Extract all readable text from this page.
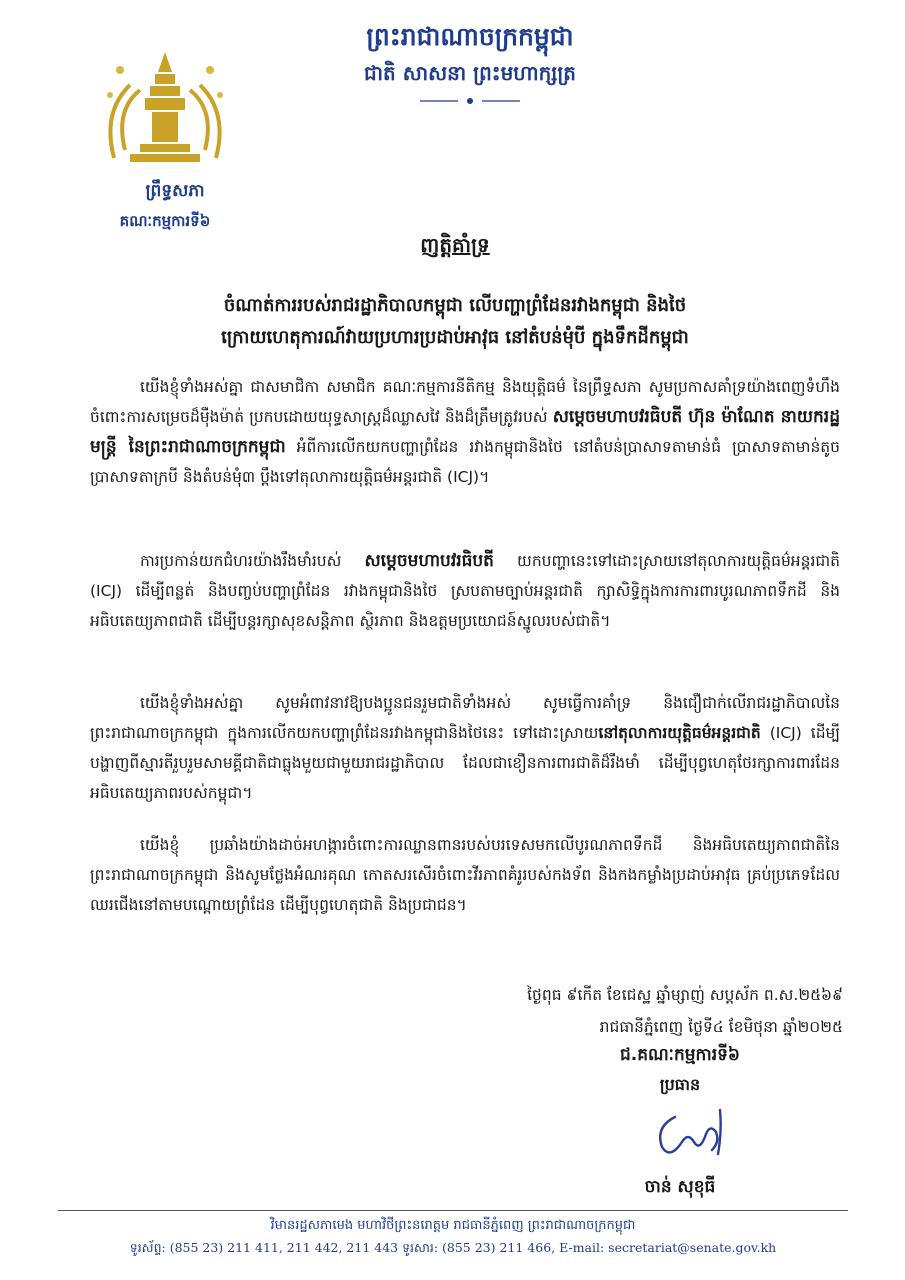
ព្រះរាជាណាចក្រកម្ពុជា
ជាតិ សាសនា ព្រះមហាក្សត្រ
ព្រឹទ្ធសភា
គណៈកម្មការទី៦
ញត្តិគាំទ្រ
ចំណាត់ការរបស់រាជរដ្ឋាភិបាលកម្ពុជា លើបញ្ហាព្រំដែនរវាងកម្ពុជា និងថៃ
ក្រោយហេតុការណ៍វាយប្រហារប្រដាប់អាវុធ នៅតំបន់មុំបី ក្នុងទឹកដីកម្ពុជា

យើងខ្ញុំទាំងអស់គ្នា ជាសមាជិកា សមាជិក គណៈកម្មការនីតិកម្ម និងយុត្តិធម៌ នៃព្រឹទ្ធសភា សូមប្រកាសគាំទ្រយ៉ាងពេញទំហឹងចំពោះការសម្រេចដ៏ម៉ឺងម៉ាត់ ប្រកបដោយយុទ្ធសាស្ត្រដ៏ឈ្លាសវៃ និងដ៏ត្រឹមត្រូវរបស់ សម្តេចមហាបវរធិបតី ហ៊ុន ម៉ាណែត នាយករដ្ឋមន្ត្រី នៃព្រះរាជាណាចក្រកម្ពុជា អំពីការលើកយកបញ្ហាព្រំដែន រវាងកម្ពុជានិងថៃ នៅតំបន់ប្រាសាទតាមាន់ធំ ប្រាសាទតាមាន់តូច ប្រាសាទតាក្របី និងតំបន់មុំ៣ ប្តឹងទៅតុលាការយុត្តិធម៌អន្តរជាតិ (ICJ)។

ការប្រកាន់យកជំហរយ៉ាងរឹងមាំរបស់ សម្តេចមហាបវរធិបតី យកបញ្ហានេះទៅដោះស្រាយនៅតុលាការយុត្តិធម៌អន្តរជាតិ (ICJ) ដើម្បីពន្លត់ និងបញ្ចប់បញ្ហាព្រំដែន រវាងកម្ពុជានិងថៃ ស្របតាមច្បាប់អន្តរជាតិ ក្សាសិទ្ធិក្នុងការការពារបូរណភាពទឹកដី និងអធិបតេយ្យភាពជាតិ ដើម្បីបន្តរក្សាសុខសន្តិភាព ស្ថិរភាព និងឧត្តមប្រយោជន៍ស្នូលរបស់ជាតិ។

យើងខ្ញុំទាំងអស់គ្នា សូមអំពាវនាវឱ្យបងប្អូនជនរួមជាតិទាំងអស់ សូមធ្វើការគាំទ្រ និងជឿជាក់លើរាជរដ្ឋាភិបាលនៃព្រះរាជាណាចក្រកម្ពុជា ក្នុងការលើកយកបញ្ហាព្រំដែនរវាងកម្ពុជានិងថៃនេះ ទៅដោះស្រាយនៅតុលាការយុត្តិធម៌អន្តរជាតិ (ICJ) ដើម្បីបង្ហាញពីស្មារតីរួបរួមសាមគ្គីជាតិជាធ្លុងមួយជាមួយរាជរដ្ឋាភិបាល ដែលជាខឿនការពារជាតិដ៏រឹងមាំ ដើម្បីបុព្វហេតុថែរក្សាការពារដែនអធិបតេយ្យភាពរបស់កម្ពុជា។

យើងខ្ញុំ ប្រឆាំងយ៉ាងដាច់អហង្ការចំពោះការឈ្លានពានរបស់បរទេសមកលើបូរណភាពទឹកដី និងអធិបតេយ្យភាពជាតិនៃព្រះរាជាណាចក្រកម្ពុជា និងសូមថ្លែងអំណរគុណ កោតសរសើរចំពោះវីរភាពគំរូរបស់កងទ័ព និងកងកម្លាំងប្រដាប់អាវុធ គ្រប់ប្រភេទដែលឈរជើងនៅតាមបណ្តោយព្រំដែន ដើម្បីបុព្វហេតុជាតិ និងប្រជាជន។

ថ្ងៃពុធ ៩កើត ខែជេស្ឋ ឆ្នាំម្សាញ់ សប្តស័ក ព.ស.២៥៦៩
រាជធានីភ្នំពេញ ថ្ងៃទី៤ ខែមិថុនា ឆ្នាំ២០២៥
ជ.គណៈកម្មការទី៦
ប្រធាន
ចាន់ សុខុធី
វិមានរដ្ឋសភាមេង មហាវិថីព្រះនរោត្តម រាជធានីភ្នំពេញ ព្រះរាជាណាចក្រកម្ពុជា
ទូរស័ព្ទ: (855 23) 211 411, 211 442, 211 443 ទូរសារ: (855 23) 211 466, E-mail: secretariat@senate.gov.kh
